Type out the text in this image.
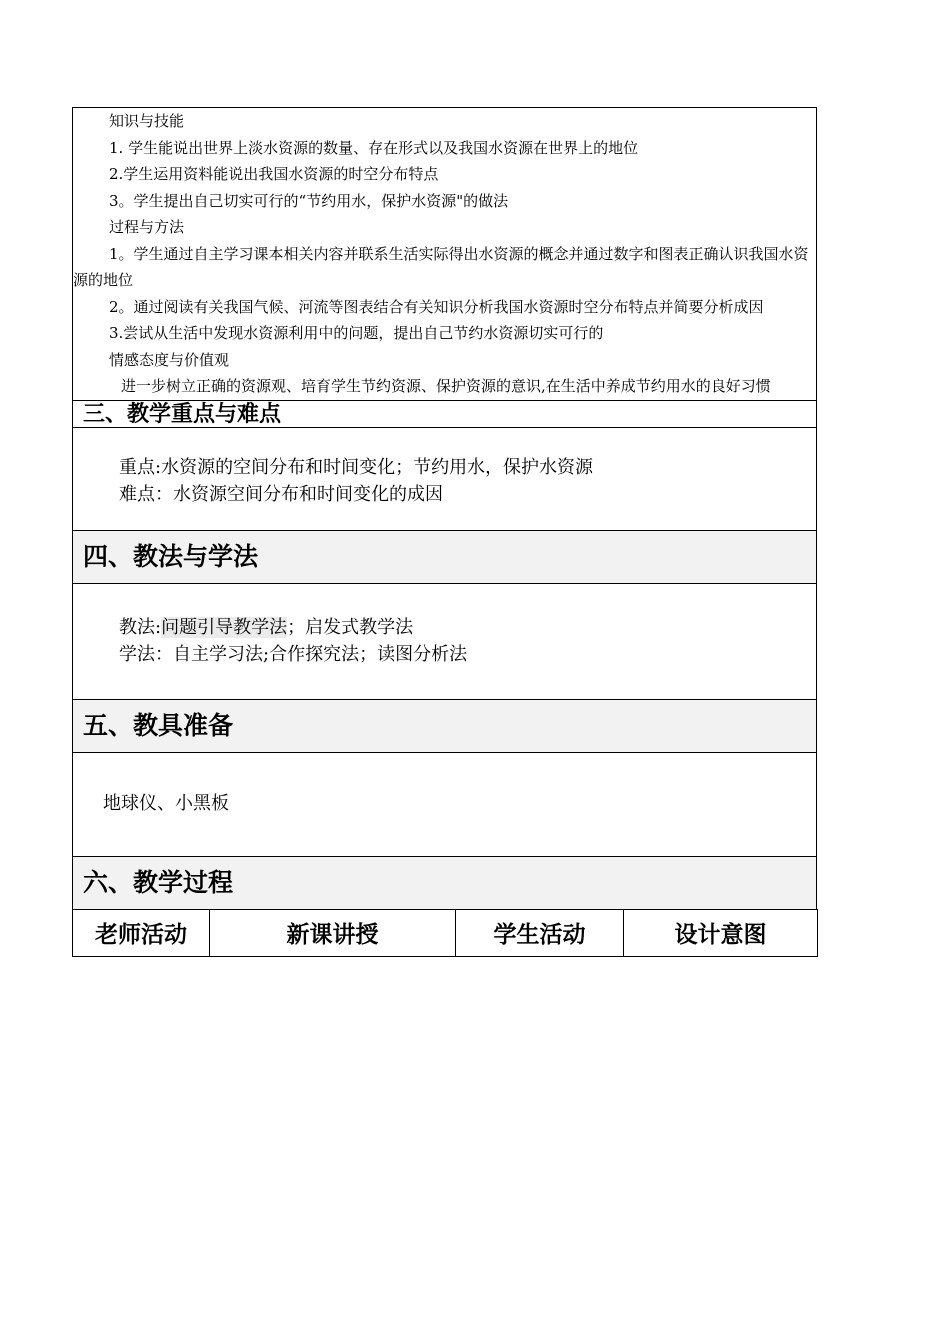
知识与技能

1. 学生能说出世界上淡水资源的数量、存在形式以及我国水资源在世界上的地位

2.学生运用资料能说出我国水资源的时空分布特点

3。学生提出自己切实可行的“节约用水，保护水资源"的做法

过程与方法

1。学生通过自主学习课本相关内容并联系生活实际得出水资源的概念并通过数字和图表正确认识我国水资源的地位

2。通过阅读有关我国气候、河流等图表结合有关知识分析我国水资源时空分布特点并简要分析成因

3.尝试从生活中发现水资源利用中的问题，提出自己节约水资源切实可行的

情感态度与价值观

进一步树立正确的资源观、培育学生节约资源、保护资源的意识,在生活中养成节约用水的良好习惯

三、教学重点与难点

重点:水资源的空间分布和时间变化；节约用水，保护水资源

难点：水资源空间分布和时间变化的成因

四、教法与学法

教法:问题引导教学法；启发式教学法

学法：自主学习法;合作探究法；读图分析法

五、教具准备

地球仪、小黑板

六、教学过程
老师活动	新课讲授	学生活动	设计意图
